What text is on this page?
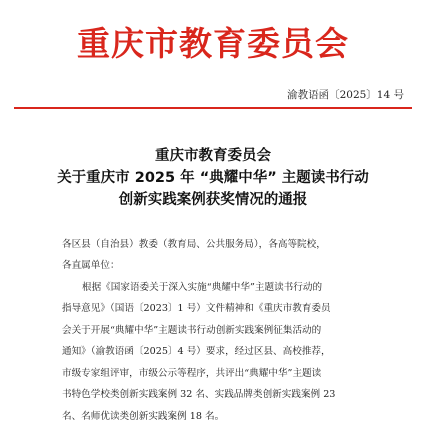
重庆市教育委员会
渝教语函〔2025〕14 号
重庆市教育委员会
关于重庆市 2025 年 “典耀中华” 主题读书行动
创新实践案例获奖情况的通报
各区县（自治县）教委（教育局、公共服务局），各高等院校，
各直属单位：
根据《国家语委关于深入实施“典耀中华”主题读书行动的
指导意见》（国语〔2023〕1 号）文件精神和《重庆市教育委员
会关于开展“典耀中华”主题读书行动创新实践案例征集活动的
通知》（渝教语函〔2025〕4 号）要求，经过区县、高校推荐，
市级专家组评审，市级公示等程序，共评出“典耀中华”主题读
书特色学校类创新实践案例 32 名、实践品牌类创新实践案例 23
名、名师优读类创新实践案例 18 名。
